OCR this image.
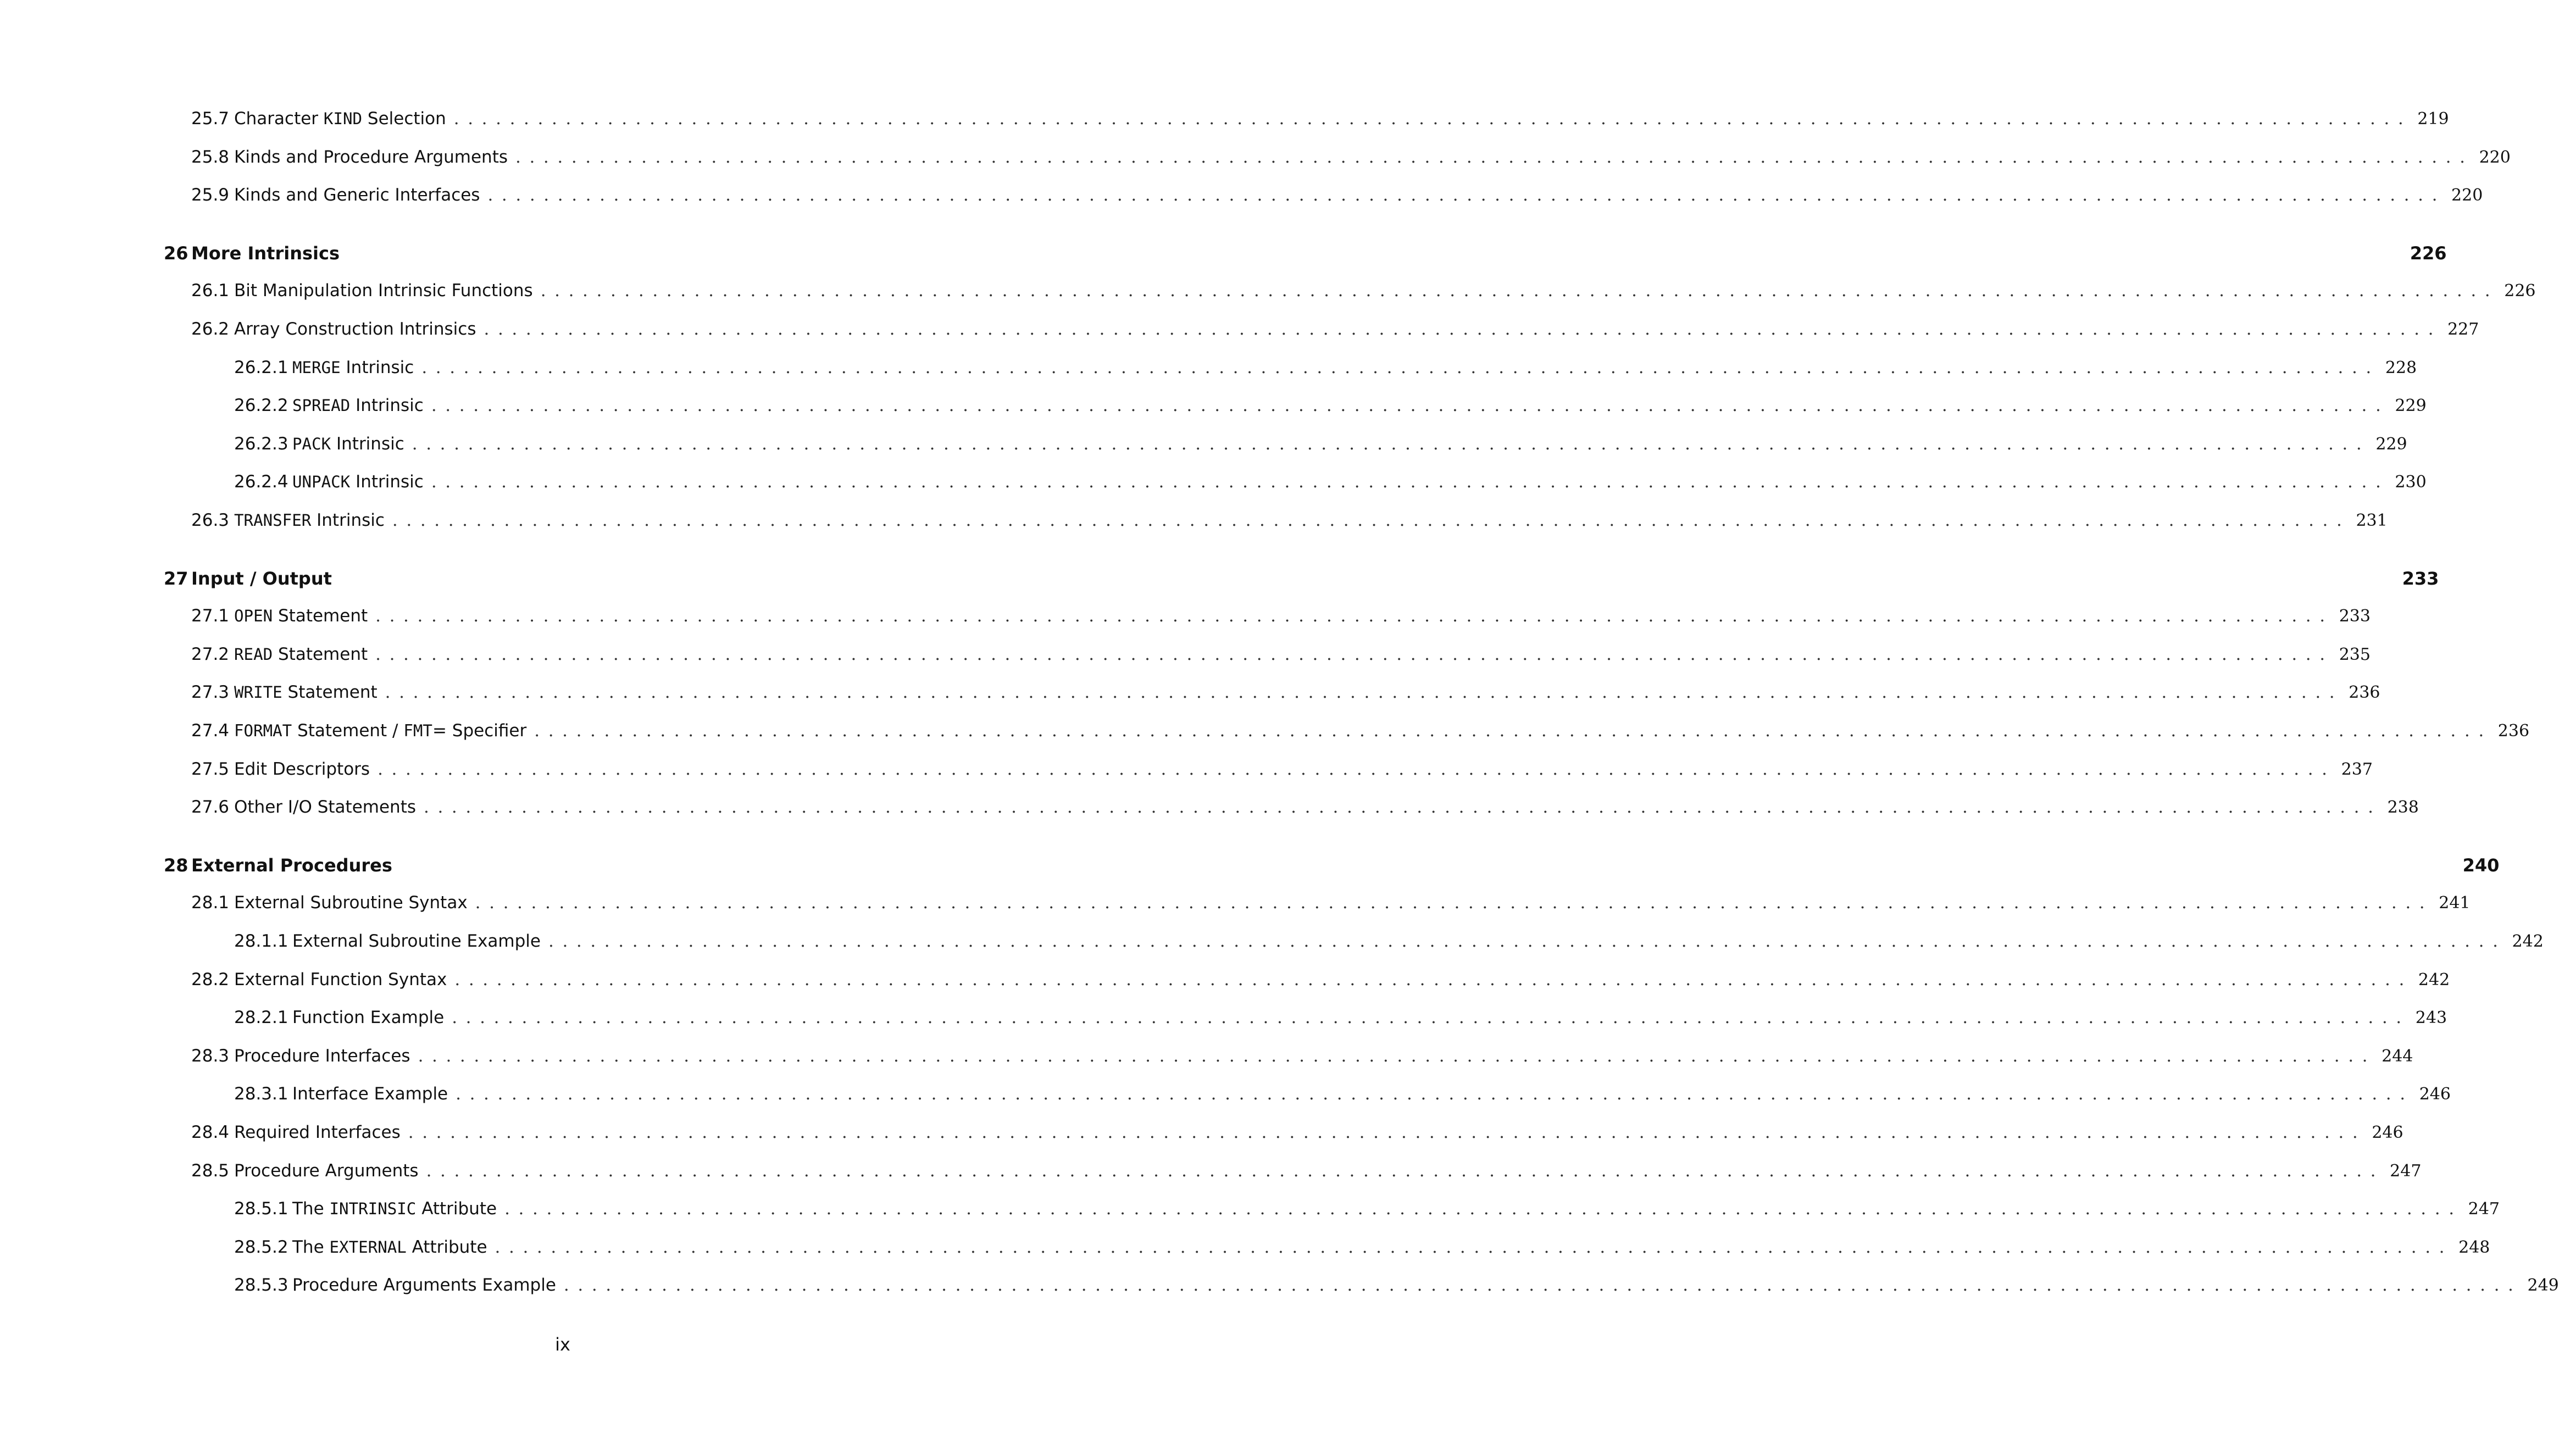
25.7 Character KIND Selection ............................................................................................................................................ 219
25.8 Kinds and Procedure Arguments ............................................................................................................................................ 220
25.9 Kinds and Generic Interfaces ............................................................................................................................................ 220
26 More Intrinsics	226
26.1 Bit Manipulation Intrinsic Functions ............................................................................................................................................ 226
26.2 Array Construction Intrinsics ............................................................................................................................................ 227
26.2.1 MERGE Intrinsic ............................................................................................................................................ 228
26.2.2 SPREAD Intrinsic ............................................................................................................................................ 229
26.2.3 PACK Intrinsic ............................................................................................................................................ 229
26.2.4 UNPACK Intrinsic ............................................................................................................................................ 230
26.3 TRANSFER Intrinsic ............................................................................................................................................ 231
27 Input / Output	233
27.1 OPEN Statement ............................................................................................................................................ 233
27.2 READ Statement ............................................................................................................................................ 235
27.3 WRITE Statement ............................................................................................................................................ 236
27.4 FORMAT Statement / FMT= Specifier ............................................................................................................................................ 236
27.5 Edit Descriptors ............................................................................................................................................ 237
27.6 Other I/O Statements ............................................................................................................................................ 238
28 External Procedures	240
28.1 External Subroutine Syntax ............................................................................................................................................ 241
28.1.1 External Subroutine Example ............................................................................................................................................ 242
28.2 External Function Syntax ............................................................................................................................................ 242
28.2.1 Function Example ............................................................................................................................................ 243
28.3 Procedure Interfaces ............................................................................................................................................ 244
28.3.1 Interface Example ............................................................................................................................................ 246
28.4 Required Interfaces ............................................................................................................................................ 246
28.5 Procedure Arguments ............................................................................................................................................ 247
28.5.1 The INTRINSIC Attribute ............................................................................................................................................ 247
28.5.2 The EXTERNAL Attribute ............................................................................................................................................ 248
28.5.3 Procedure Arguments Example ............................................................................................................................................ 249
ix
